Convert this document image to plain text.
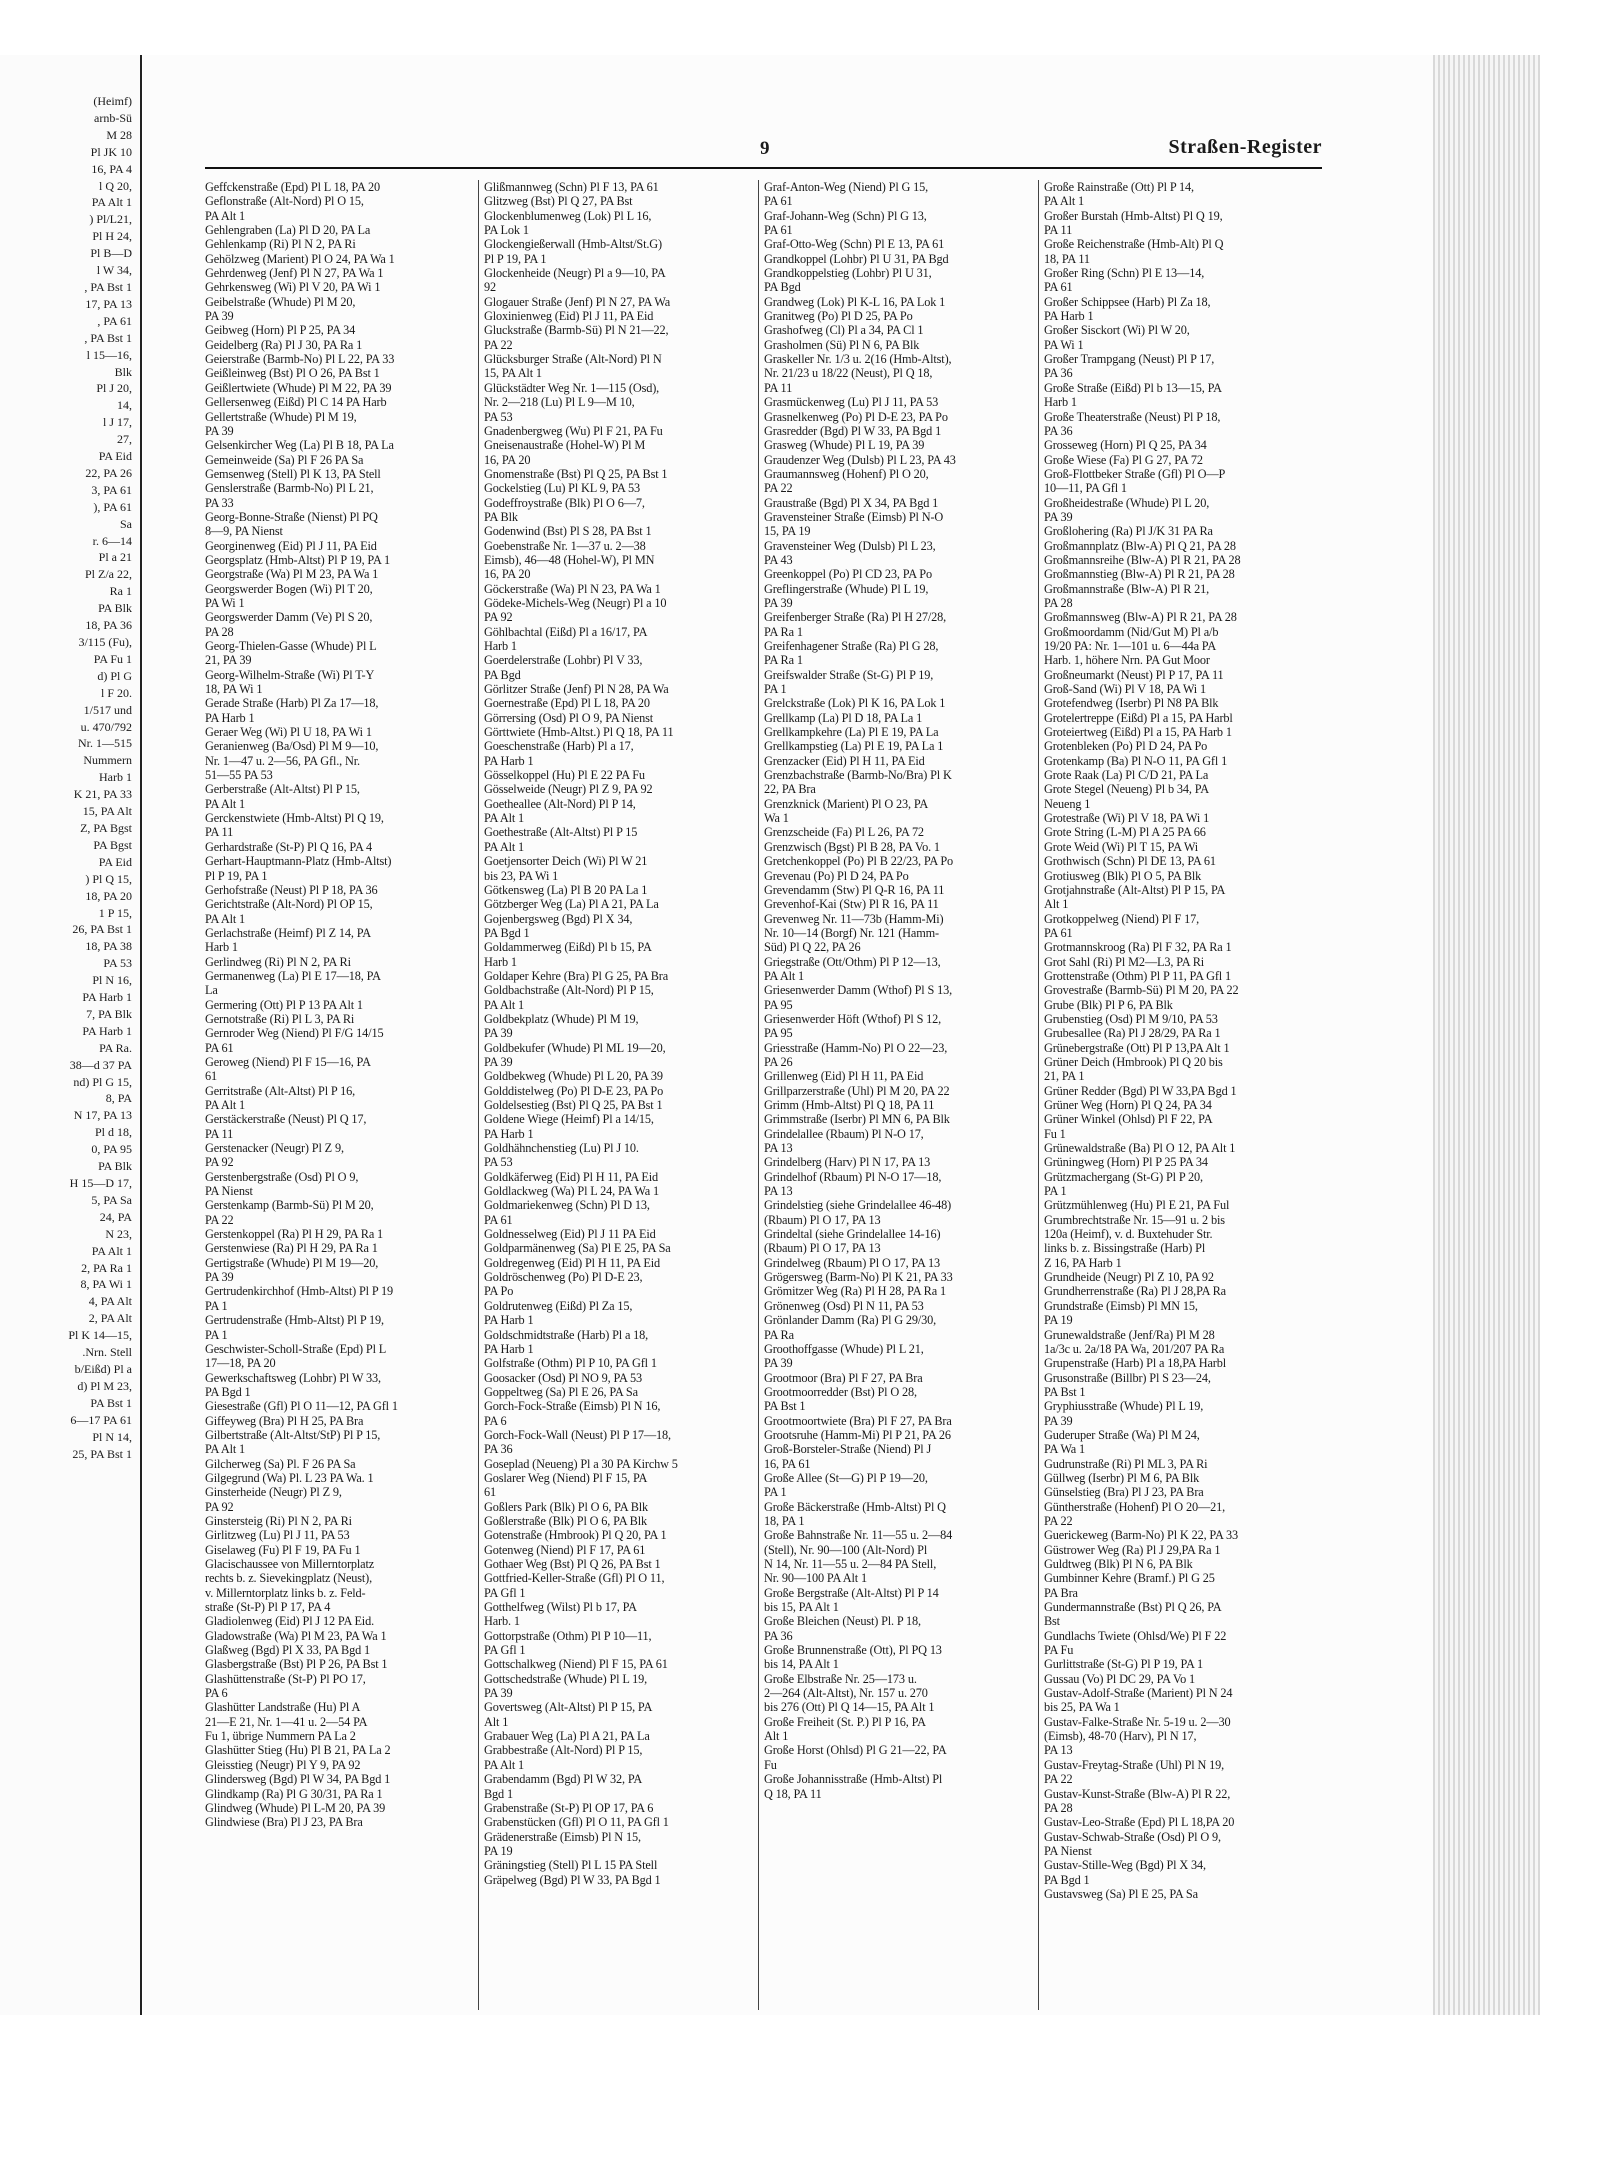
(Heimf)
arnb-Sü
M 28
Pl JK 10
16, PA 4
l Q 20,
PA Alt 1
) Pl/L21,
Pl H 24,
Pl B—D
l W 34,
, PA Bst 1
17, PA 13
, PA 61
, PA Bst 1
l 15—16,
Blk
Pl J 20,
14,
l J 17,
27,
PA Eid
22, PA 26
3, PA 61
), PA 61
Sa
r. 6—14
Pl a 21
Pl Z/a 22,
Ra 1
PA Blk
18, PA 36
3/115 (Fu),
PA Fu 1
d) Pl G
l F 20.
1/517 und
u. 470/792
Nr. 1—515
Nummern
Harb 1
K 21, PA 33
15, PA Alt
Z, PA Bgst
PA Bgst
PA Eid
) Pl Q 15,
18, PA 20
1 P 15,
26, PA Bst 1
18, PA 38
PA 53
Pl N 16,
PA Harb 1
7, PA Blk
PA Harb 1
PA Ra.
38—d 37 PA
nd) Pl G 15,
8, PA
N 17, PA 13
Pl d 18,
0, PA 95
PA Blk
H 15—D 17,
5, PA Sa
24, PA
N 23,
PA Alt 1
2, PA Ra 1
8, PA Wi 1
4, PA Alt
2, PA Alt
Pl K 14—15,
.Nrn. Stell
b/Eißd) Pl a
d) Pl M 23,
PA Bst 1
6—17 PA 61
Pl N 14,
25, PA Bst 1
9	Straßen-Register
Geffckenstraße (Epd) Pl L 18, PA 20
Geflonstraße (Alt-Nord) Pl O 15,
PA Alt 1
Gehlengraben (La) Pl D 20, PA La
Gehlenkamp (Ri) Pl N 2, PA Ri
Gehölzweg (Marient) Pl O 24, PA Wa 1
Gehrdenweg (Jenf) Pl N 27, PA Wa 1
Gehrkensweg (Wi) Pl V 20, PA Wi 1
Geibelstraße (Whude) Pl M 20,
PA 39
Geibweg (Horn) Pl P 25, PA 34
Geidelberg (Ra) Pl J 30, PA Ra 1
Geierstraße (Barmb-No) Pl L 22, PA 33
Geißleinweg (Bst) Pl O 26, PA Bst 1
Geißlertwiete (Whude) Pl M 22, PA 39
Gellersenweg (Eißd) Pl C 14 PA Harb
Gellertstraße (Whude) Pl M 19,
PA 39
Gelsenkircher Weg (La) Pl B 18, PA La
Gemeinweide (Sa) Pl F 26 PA Sa
Gemsenweg (Stell) Pl K 13, PA Stell
Genslerstraße (Barmb-No) Pl L 21,
PA 33
Georg-Bonne-Straße (Nienst) Pl PQ
8—9, PA Nienst
Georginenweg (Eid) Pl J 11, PA Eid
Georgsplatz (Hmb-Altst) Pl P 19, PA 1
Georgstraße (Wa) Pl M 23, PA Wa 1
Georgswerder Bogen (Wi) Pl T 20,
PA Wi 1
Georgswerder Damm (Ve) Pl S 20,
PA 28
Georg-Thielen-Gasse (Whude) Pl L
21, PA 39
Georg-Wilhelm-Straße (Wi) Pl T-Y
18, PA Wi 1
Gerade Straße (Harb) Pl Za 17—18,
PA Harb 1
Geraer Weg (Wi) Pl U 18, PA Wi 1
Geranienweg (Ba/Osd) Pl M 9—10,
Nr. 1—47 u. 2—56, PA Gfl., Nr.
51—55 PA 53
Gerberstraße (Alt-Altst) Pl P 15,
PA Alt 1
Gerckenstwiete (Hmb-Altst) Pl Q 19,
PA 11
Gerhardstraße (St-P) Pl Q 16, PA 4
Gerhart-Hauptmann-Platz (Hmb-Altst)
Pl P 19, PA 1
Gerhofstraße (Neust) Pl P 18, PA 36
Gerichtstraße (Alt-Nord) Pl OP 15,
PA Alt 1
Gerlachstraße (Heimf) Pl Z 14, PA
Harb 1
Gerlindweg (Ri) Pl N 2, PA Ri
Germanenweg (La) Pl E 17—18, PA
La
Germering (Ott) Pl P 13 PA Alt 1
Gernotstraße (Ri) Pl L 3, PA Ri
Gernroder Weg (Niend) Pl F/G 14/15
PA 61
Geroweg (Niend) Pl F 15—16, PA
61
Gerritstraße (Alt-Altst) Pl P 16,
PA Alt 1
Gerstäckerstraße (Neust) Pl Q 17,
PA 11
Gerstenacker (Neugr) Pl Z 9,
PA 92
Gerstenbergstraße (Osd) Pl O 9,
PA Nienst
Gerstenkamp (Barmb-Sü) Pl M 20,
PA 22
Gerstenkoppel (Ra) Pl H 29, PA Ra 1
Gerstenwiese (Ra) Pl H 29, PA Ra 1
Gertigstraße (Whude) Pl M 19—20,
PA 39
Gertrudenkirchhof (Hmb-Altst) Pl P 19
PA 1
Gertrudenstraße (Hmb-Altst) Pl P 19,
PA 1
Geschwister-Scholl-Straße (Epd) Pl L
17—18, PA 20
Gewerkschaftsweg (Lohbr) Pl W 33,
PA Bgd 1
Giesestraße (Gfl) Pl O 11—12, PA Gfl 1
Giffeyweg (Bra) Pl H 25, PA Bra
Gilbertstraße (Alt-Altst/StP) Pl P 15,
PA Alt 1
Gilcherweg (Sa) Pl. F 26 PA Sa
Gilgegrund (Wa) Pl. L 23 PA Wa. 1
Ginsterheide (Neugr) Pl Z 9,
PA 92
Ginstersteig (Ri) Pl N 2, PA Ri
Girlitzweg (Lu) Pl J 11, PA 53
Giselaweg (Fu) Pl F 19, PA Fu 1
Glacischaussee von Millerntorplatz
rechts b. z. Sievekingplatz (Neust),
v. Millerntorplatz links b. z. Feld-
straße (St-P) Pl P 17, PA 4
Gladiolenweg (Eid) Pl J 12 PA Eid.
Gladowstraße (Wa) Pl M 23, PA Wa 1
Glaßweg (Bgd) Pl X 33, PA Bgd 1
Glasbergstraße (Bst) Pl P 26, PA Bst 1
Glashüttenstraße (St-P) Pl PO 17,
PA 6
Glashütter Landstraße (Hu) Pl A
21—E 21, Nr. 1—41 u. 2—54 PA
Fu 1, übrige Nummern PA La 2
Glashütter Stieg (Hu) Pl B 21, PA La 2
Gleisstieg (Neugr) Pl Y 9, PA 92
Glindersweg (Bgd) Pl W 34, PA Bgd 1
Glindkamp (Ra) Pl G 30/31, PA Ra 1
Glindweg (Whude) Pl L-M 20, PA 39
Glindwiese (Bra) Pl J 23, PA Bra
Glißmannweg (Schn) Pl F 13, PA 61
Glitzweg (Bst) Pl Q 27, PA Bst
Glockenblumenweg (Lok) Pl L 16,
PA Lok 1
Glockengießerwall (Hmb-Altst/St.G)
Pl P 19, PA 1
Glockenheide (Neugr) Pl a 9—10, PA
92
Glogauer Straße (Jenf) Pl N 27, PA Wa
Gloxinienweg (Eid) Pl J 11, PA Eid
Gluckstraße (Barmb-Sü) Pl N 21—22,
PA 22
Glücksburger Straße (Alt-Nord) Pl N
15, PA Alt 1
Glückstädter Weg Nr. 1—115 (Osd),
Nr. 2—218 (Lu) Pl L 9—M 10,
PA 53
Gnadenbergweg (Wu) Pl F 21, PA Fu
Gneisenaustraße (Hohel-W) Pl M
16, PA 20
Gnomenstraße (Bst) Pl Q 25, PA Bst 1
Gockelstieg (Lu) Pl KL 9, PA 53
Godeffroystraße (Blk) Pl O 6—7,
PA Blk
Godenwind (Bst) Pl S 28, PA Bst 1
Goebenstraße Nr. 1—37 u. 2—38
Eimsb), 46—48 (Hohel-W), Pl MN
16, PA 20
Göckerstraße (Wa) Pl N 23, PA Wa 1
Gödeke-Michels-Weg (Neugr) Pl a 10
PA 92
Göhlbachtal (Eißd) Pl a 16/17, PA
Harb 1
Goerdelerstraße (Lohbr) Pl V 33,
PA Bgd
Görlitzer Straße (Jenf) Pl N 28, PA Wa
Goernestraße (Epd) Pl L 18, PA 20
Görrersing (Osd) Pl O 9, PA Nienst
Görttwiete (Hmb-Altst.) Pl Q 18, PA 11
Goeschenstraße (Harb) Pl a 17,
PA Harb 1
Gösselkoppel (Hu) Pl E 22 PA Fu
Gösselweide (Neugr) Pl Z 9, PA 92
Goetheallee (Alt-Nord) Pl P 14,
PA Alt 1
Goethestraße (Alt-Altst) Pl P 15
PA Alt 1
Goetjensorter Deich (Wi) Pl W 21
bis 23, PA Wi 1
Götkensweg (La) Pl B 20 PA La 1
Götzberger Weg (La) Pl A 21, PA La
Gojenbergsweg (Bgd) Pl X 34,
PA Bgd 1
Goldammerweg (Eißd) Pl b 15, PA
Harb 1
Goldaper Kehre (Bra) Pl G 25, PA Bra
Goldbachstraße (Alt-Nord) Pl P 15,
PA Alt 1
Goldbekplatz (Whude) Pl M 19,
PA 39
Goldbekufer (Whude) Pl ML 19—20,
PA 39
Goldbekweg (Whude) Pl L 20, PA 39
Golddistelweg (Po) Pl D-E 23, PA Po
Goldelsestieg (Bst) Pl Q 25, PA Bst 1
Goldene Wiege (Heimf) Pl a 14/15,
PA Harb 1
Goldhähnchenstieg (Lu) Pl J 10.
PA 53
Goldkäferweg (Eid) Pl H 11, PA Eid
Goldlackweg (Wa) Pl L 24, PA Wa 1
Goldmariekenweg (Schn) Pl D 13,
PA 61
Goldnesselweg (Eid) Pl J 11 PA Eid
Goldparmänenweg (Sa) Pl E 25, PA Sa
Goldregenweg (Eid) Pl H 11, PA Eid
Goldröschenweg (Po) Pl D-E 23,
PA Po
Goldrutenweg (Eißd) Pl Za 15,
PA Harb 1
Goldschmidtstraße (Harb) Pl a 18,
PA Harb 1
Golfstraße (Othm) Pl P 10, PA Gfl 1
Goosacker (Osd) Pl NO 9, PA 53
Goppeltweg (Sa) Pl E 26, PA Sa
Gorch-Fock-Straße (Eimsb) Pl N 16,
PA 6
Gorch-Fock-Wall (Neust) Pl P 17—18,
PA 36
Goseplad (Neueng) Pl a 30 PA Kirchw 5
Goslarer Weg (Niend) Pl F 15, PA
61
Goßlers Park (Blk) Pl O 6, PA Blk
Goßlerstraße (Blk) Pl O 6, PA Blk
Gotenstraße (Hmbrook) Pl Q 20, PA 1
Gotenweg (Niend) Pl F 17, PA 61
Gothaer Weg (Bst) Pl Q 26, PA Bst 1
Gottfried-Keller-Straße (Gfl) Pl O 11,
PA Gfl 1
Gotthelfweg (Wilst) Pl b 17, PA
Harb. 1
Gottorpstraße (Othm) Pl P 10—11,
PA Gfl 1
Gottschalkweg (Niend) Pl F 15, PA 61
Gottschedstraße (Whude) Pl L 19,
PA 39
Govertsweg (Alt-Altst) Pl P 15, PA
Alt 1
Grabauer Weg (La) Pl A 21, PA La
Grabbestraße (Alt-Nord) Pl P 15,
PA Alt 1
Grabendamm (Bgd) Pl W 32, PA
Bgd 1
Grabenstraße (St-P) Pl OP 17, PA 6
Grabenstücken (Gfl) Pl O 11, PA Gfl 1
Grädenerstraße (Eimsb) Pl N 15,
PA 19
Gräningstieg (Stell) Pl L 15 PA Stell
Gräpelweg (Bgd) Pl W 33, PA Bgd 1
Graf-Anton-Weg (Niend) Pl G 15,
PA 61
Graf-Johann-Weg (Schn) Pl G 13,
PA 61
Graf-Otto-Weg (Schn) Pl E 13, PA 61
Grandkoppel (Lohbr) Pl U 31, PA Bgd
Grandkoppelstieg (Lohbr) Pl U 31,
PA Bgd
Grandweg (Lok) Pl K-L 16, PA Lok 1
Granitweg (Po) Pl D 25, PA Po
Grashofweg (Cl) Pl a 34, PA Cl 1
Grasholmen (Sü) Pl N 6, PA Blk
Graskeller Nr. 1/3 u. 2(16 (Hmb-Altst),
Nr. 21/23 u 18/22 (Neust), Pl Q 18,
PA 11
Grasmückenweg (Lu) Pl J 11, PA 53
Grasnelkenweg (Po) Pl D-E 23, PA Po
Grasredder (Bgd) Pl W 33, PA Bgd 1
Grasweg (Whude) Pl L 19, PA 39
Graudenzer Weg (Dulsb) Pl L 23, PA 43
Graumannsweg (Hohenf) Pl O 20,
PA 22
Graustraße (Bgd) Pl X 34, PA Bgd 1
Gravensteiner Straße (Eimsb) Pl N-O
15, PA 19
Gravensteiner Weg (Dulsb) Pl L 23,
PA 43
Greenkoppel (Po) Pl CD 23, PA Po
Greflingerstraße (Whude) Pl L 19,
PA 39
Greifenberger Straße (Ra) Pl H 27/28,
PA Ra 1
Greifenhagener Straße (Ra) Pl G 28,
PA Ra 1
Greifswalder Straße (St-G) Pl P 19,
PA 1
Grelckstraße (Lok) Pl K 16, PA Lok 1
Grellkamp (La) Pl D 18, PA La 1
Grellkampkehre (La) Pl E 19, PA La
Grellkampstieg (La) Pl E 19, PA La 1
Grenzacker (Eid) Pl H 11, PA Eid
Grenzbachstraße (Barmb-No/Bra) Pl K
22, PA Bra
Grenzknick (Marient) Pl O 23, PA
Wa 1
Grenzscheide (Fa) Pl L 26, PA 72
Grenzwisch (Bgst) Pl B 28, PA Vo. 1
Gretchenkoppel (Po) Pl B 22/23, PA Po
Grevenau (Po) Pl D 24, PA Po
Grevendamm (Stw) Pl Q-R 16, PA 11
Grevenhof-Kai (Stw) Pl R 16, PA 11
Grevenweg Nr. 11—73b (Hamm-Mi)
Nr. 10—14 (Borgf) Nr. 121 (Hamm-
Süd) Pl Q 22, PA 26
Griegstraße (Ott/Othm) Pl P 12—13,
PA Alt 1
Griesenwerder Damm (Wthof) Pl S 13,
PA 95
Griesenwerder Höft (Wthof) Pl S 12,
PA 95
Griesstraße (Hamm-No) Pl O 22—23,
PA 26
Grillenweg (Eid) Pl H 11, PA Eid
Grillparzerstraße (Uhl) Pl M 20, PA 22
Grimm (Hmb-Altst) Pl Q 18, PA 11
Grimmstraße (Iserbr) Pl MN 6, PA Blk
Grindelallee (Rbaum) Pl N-O 17,
PA 13
Grindelberg (Harv) Pl N 17, PA 13
Grindelhof (Rbaum) Pl N-O 17—18,
PA 13
Grindelstieg (siehe Grindelallee 46-48)
(Rbaum) Pl O 17, PA 13
Grindeltal (siehe Grindelallee 14-16)
(Rbaum) Pl O 17, PA 13
Grindelweg (Rbaum) Pl O 17, PA 13
Grögersweg (Barm-No) Pl K 21, PA 33
Grömitzer Weg (Ra) Pl H 28, PA Ra 1
Grönenweg (Osd) Pl N 11, PA 53
Grönlander Damm (Ra) Pl G 29/30,
PA Ra
Groothoffgasse (Whude) Pl L 21,
PA 39
Grootmoor (Bra) Pl F 27, PA Bra
Grootmoorredder (Bst) Pl O 28,
PA Bst 1
Grootmoortwiete (Bra) Pl F 27, PA Bra
Grootsruhe (Hamm-Mi) Pl P 21, PA 26
Groß-Borsteler-Straße (Niend) Pl J
16, PA 61
Große Allee (St—G) Pl P 19—20,
PA 1
Große Bäckerstraße (Hmb-Altst) Pl Q
18, PA 1
Große Bahnstraße Nr. 11—55 u. 2—84
(Stell), Nr. 90—100 (Alt-Nord) Pl
N 14, Nr. 11—55 u. 2—84 PA Stell,
Nr. 90—100 PA Alt 1
Große Bergstraße (Alt-Altst) Pl P 14
bis 15, PA Alt 1
Große Bleichen (Neust) Pl. P 18,
PA 36
Große Brunnenstraße (Ott), Pl PQ 13
bis 14, PA Alt 1
Große Elbstraße Nr. 25—173 u.
2—264 (Alt-Altst), Nr. 157 u. 270
bis 276 (Ott) Pl Q 14—15, PA Alt 1
Große Freiheit (St. P.) Pl P 16, PA
Alt 1
Große Horst (Ohlsd) Pl G 21—22, PA
Fu
Große Johannisstraße (Hmb-Altst) Pl
Q 18, PA 11
Große Rainstraße (Ott) Pl P 14,
PA Alt 1
Großer Burstah (Hmb-Altst) Pl Q 19,
PA 11
Große Reichenstraße (Hmb-Alt) Pl Q
18, PA 11
Großer Ring (Schn) Pl E 13—14,
PA 61
Großer Schippsee (Harb) Pl Za 18,
PA Harb 1
Großer Sisckort (Wi) Pl W 20,
PA Wi 1
Großer Trampgang (Neust) Pl P 17,
PA 36
Große Straße (Eißd) Pl b 13—15, PA
Harb 1
Große Theaterstraße (Neust) Pl P 18,
PA 36
Grosseweg (Horn) Pl Q 25, PA 34
Große Wiese (Fa) Pl G 27, PA 72
Groß-Flottbeker Straße (Gfl) Pl O—P
10—11, PA Gfl 1
Großheidestraße (Whude) Pl L 20,
PA 39
Großlohering (Ra) Pl J/K 31 PA Ra
Großmannplatz (Blw-A) Pl Q 21, PA 28
Großmannsreihe (Blw-A) Pl R 21, PA 28
Großmannstieg (Blw-A) Pl R 21, PA 28
Großmannstraße (Blw-A) Pl R 21,
PA 28
Großmannsweg (Blw-A) Pl R 21, PA 28
Großmoordamm (Nid/Gut M) Pl a/b
19/20 PA: Nr. 1—101 u. 6—44a PA
Harb. 1, höhere Nrn. PA Gut Moor
Großneumarkt (Neust) Pl P 17, PA 11
Groß-Sand (Wi) Pl V 18, PA Wi 1
Grotefendweg (Iserbr) Pl N8 PA Blk
Grotelertreppe (Eißd) Pl a 15, PA Harbl
Groteiertweg (Eißd) Pl a 15, PA Harb 1
Grotenbleken (Po) Pl D 24, PA Po
Grotenkamp (Ba) Pl N-O 11, PA Gfl 1
Grote Raak (La) Pl C/D 21, PA La
Grote Stegel (Neueng) Pl b 34, PA
Neueng 1
Grotestraße (Wi) Pl V 18, PA Wi 1
Grote String (L-M) Pl A 25 PA 66
Grote Weid (Wi) Pl T 15, PA Wi
Grothwisch (Schn) Pl DE 13, PA 61
Grotiusweg (Blk) Pl O 5, PA Blk
Grotjahnstraße (Alt-Altst) Pl P 15, PA
Alt 1
Grotkoppelweg (Niend) Pl F 17,
PA 61
Grotmannskroog (Ra) Pl F 32, PA Ra 1
Grot Sahl (Ri) Pl M2—L3, PA Ri
Grottenstraße (Othm) Pl P 11, PA Gfl 1
Grovestraße (Barmb-Sü) Pl M 20, PA 22
Grube (Blk) Pl P 6, PA Blk
Grubenstieg (Osd) Pl M 9/10, PA 53
Grubesallee (Ra) Pl J 28/29, PA Ra 1
Grünebergstraße (Ott) Pl P 13,PA Alt 1
Grüner Deich (Hmbrook) Pl Q 20 bis
21, PA 1
Grüner Redder (Bgd) Pl W 33,PA Bgd 1
Grüner Weg (Horn) Pl Q 24, PA 34
Grüner Winkel (Ohlsd) Pl F 22, PA
Fu 1
Grünewaldstraße (Ba) Pl O 12, PA Alt 1
Grüningweg (Horn) Pl P 25 PA 34
Grützmachergang (St-G) Pl P 20,
PA 1
Grützmühlenweg (Hu) Pl E 21, PA Ful
Grumbrechtstraße Nr. 15—91 u. 2 bis
120a (Heimf), v. d. Buxtehuder Str.
links b. z. Bissingstraße (Harb) Pl
Z 16, PA Harb 1
Grundheide (Neugr) Pl Z 10, PA 92
Grundherrenstraße (Ra) Pl J 28,PA Ra
Grundstraße (Eimsb) Pl MN 15,
PA 19
Grunewaldstraße (Jenf/Ra) Pl M 28
1a/3c u. 2a/18 PA Wa, 201/207 PA Ra
Grupenstraße (Harb) Pl a 18,PA Harbl
Grusonstraße (Billbr) Pl S 23—24,
PA Bst 1
Gryphiusstraße (Whude) Pl L 19,
PA 39
Guderuper Straße (Wa) Pl M 24,
PA Wa 1
Gudrunstraße (Ri) Pl ML 3, PA Ri
Güllweg (Iserbr) Pl M 6, PA Blk
Günselstieg (Bra) Pl J 23, PA Bra
Güntherstraße (Hohenf) Pl O 20—21,
PA 22
Guerickeweg (Barm-No) Pl K 22, PA 33
Güstrower Weg (Ra) Pl J 29,PA Ra 1
Guldtweg (Blk) Pl N 6, PA Blk
Gumbinner Kehre (Bramf.) Pl G 25
PA Bra
Gundermannstraße (Bst) Pl Q 26, PA
Bst
Gundlachs Twiete (Ohlsd/We) Pl F 22
PA Fu
Gurlittstraße (St-G) Pl P 19, PA 1
Gussau (Vo) Pl DC 29, PA Vo 1
Gustav-Adolf-Straße (Marient) Pl N 24
bis 25, PA Wa 1
Gustav-Falke-Straße Nr. 5-19 u. 2—30
(Eimsb), 48-70 (Harv), Pl N 17,
PA 13
Gustav-Freytag-Straße (Uhl) Pl N 19,
PA 22
Gustav-Kunst-Straße (Blw-A) Pl R 22,
PA 28
Gustav-Leo-Straße (Epd) Pl L 18,PA 20
Gustav-Schwab-Straße (Osd) Pl O 9,
PA Nienst
Gustav-Stille-Weg (Bgd) Pl X 34,
PA Bgd 1
Gustavsweg (Sa) Pl E 25, PA Sa
